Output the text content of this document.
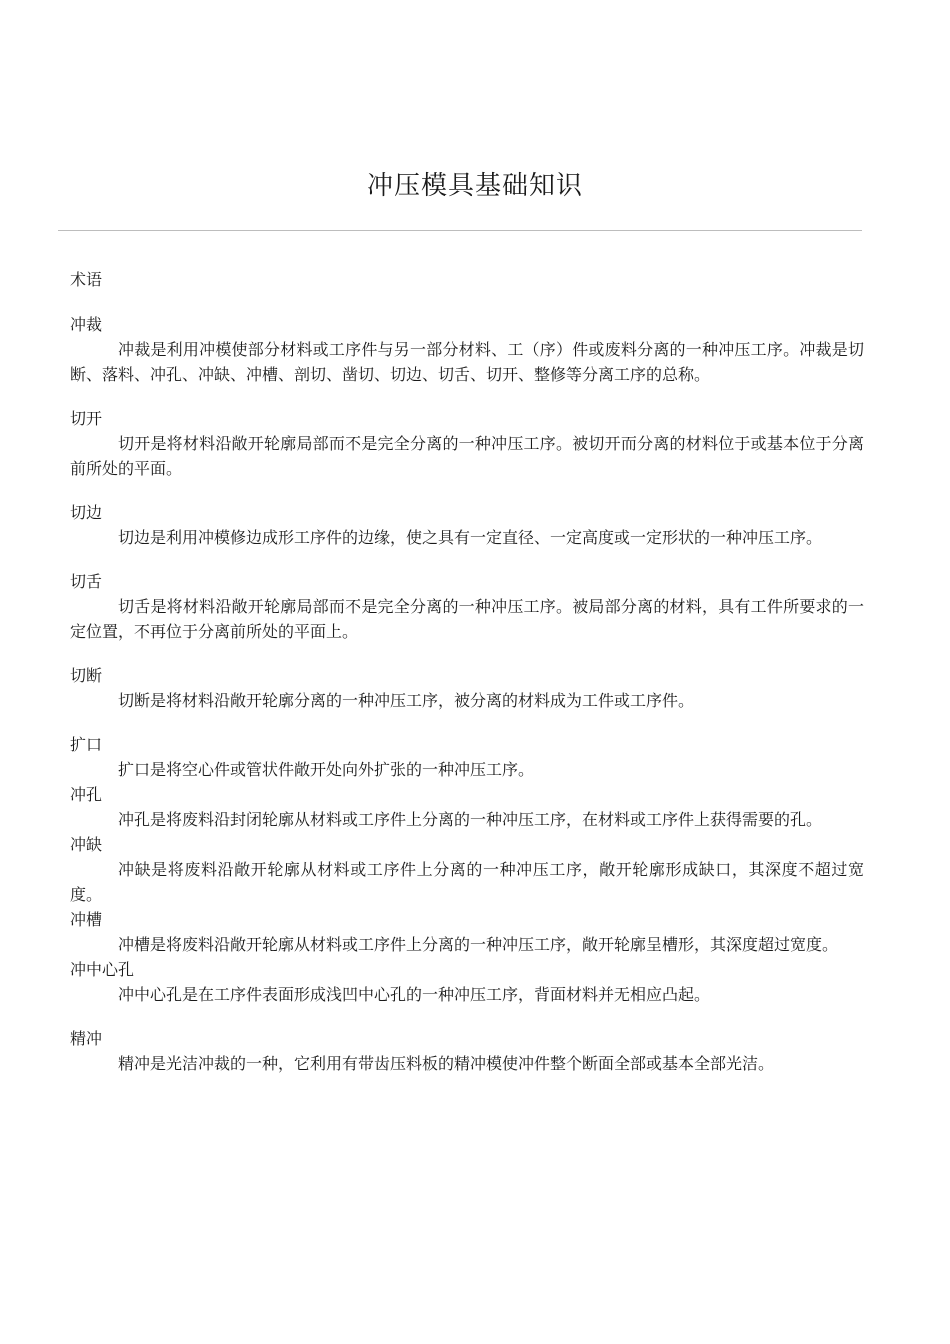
冲压模具基础知识
术语
冲裁

冲裁是利用冲模使部分材料或工序件与另一部分材料、工（序）件或废料分离的一种冲压工序。冲裁是切断、落料、冲孔、冲缺、冲槽、剖切、凿切、切边、切舌、切开、整修等分离工序的总称。

切开

切开是将材料沿敞开轮廓局部而不是完全分离的一种冲压工序。被切开而分离的材料位于或基本位于分离前所处的平面。

切边

切边是利用冲模修边成形工序件的边缘，使之具有一定直径、一定高度或一定形状的一种冲压工序。

切舌

切舌是将材料沿敞开轮廓局部而不是完全分离的一种冲压工序。被局部分离的材料，具有工件所要求的一定位置，不再位于分离前所处的平面上。

切断

切断是将材料沿敞开轮廓分离的一种冲压工序，被分离的材料成为工件或工序件。

扩口

扩口是将空心件或管状件敞开处向外扩张的一种冲压工序。

冲孔

冲孔是将废料沿封闭轮廓从材料或工序件上分离的一种冲压工序，在材料或工序件上获得需要的孔。

冲缺

冲缺是将废料沿敞开轮廓从材料或工序件上分离的一种冲压工序，敞开轮廓形成缺口，其深度不超过宽度。

冲槽

冲槽是将废料沿敞开轮廓从材料或工序件上分离的一种冲压工序，敞开轮廓呈槽形，其深度超过宽度。

冲中心孔

冲中心孔是在工序件表面形成浅凹中心孔的一种冲压工序，背面材料并无相应凸起。

精冲

精冲是光洁冲裁的一种，它利用有带齿压料板的精冲模使冲件整个断面全部或基本全部光洁。
